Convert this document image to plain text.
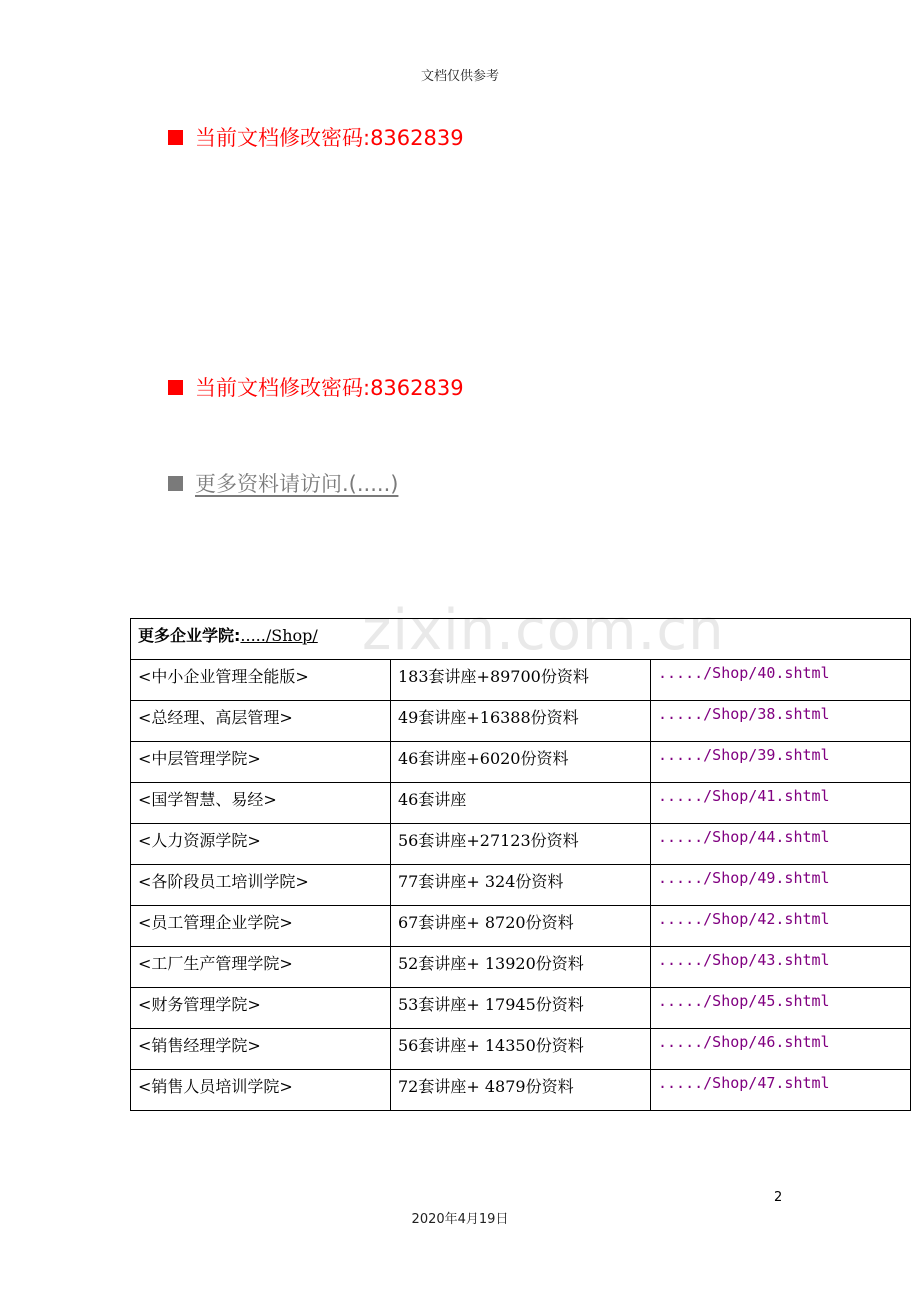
文档仅供参考
当前文档修改密码:8362839
当前文档修改密码:8362839
更多资料请访问.(.....)
zixin.com.cn
更多企业学院:...../Shop/		
<中小企业管理全能版>	183套讲座+89700份资料	...../Shop/40.shtml
<总经理、高层管理>	49套讲座+16388份资料	...../Shop/38.shtml
<中层管理学院>	46套讲座+6020份资料	...../Shop/39.shtml
<国学智慧、易经>	46套讲座	...../Shop/41.shtml
<人力资源学院>	56套讲座+27123份资料	...../Shop/44.shtml
<各阶段员工培训学院>	77套讲座+ 324份资料	...../Shop/49.shtml
<员工管理企业学院>	67套讲座+ 8720份资料	...../Shop/42.shtml
<工厂生产管理学院>	52套讲座+ 13920份资料	...../Shop/43.shtml
<财务管理学院>	53套讲座+ 17945份资料	...../Shop/45.shtml
<销售经理学院>	56套讲座+ 14350份资料	...../Shop/46.shtml
<销售人员培训学院>	72套讲座+ 4879份资料	...../Shop/47.shtml
2
2020年4月19日
